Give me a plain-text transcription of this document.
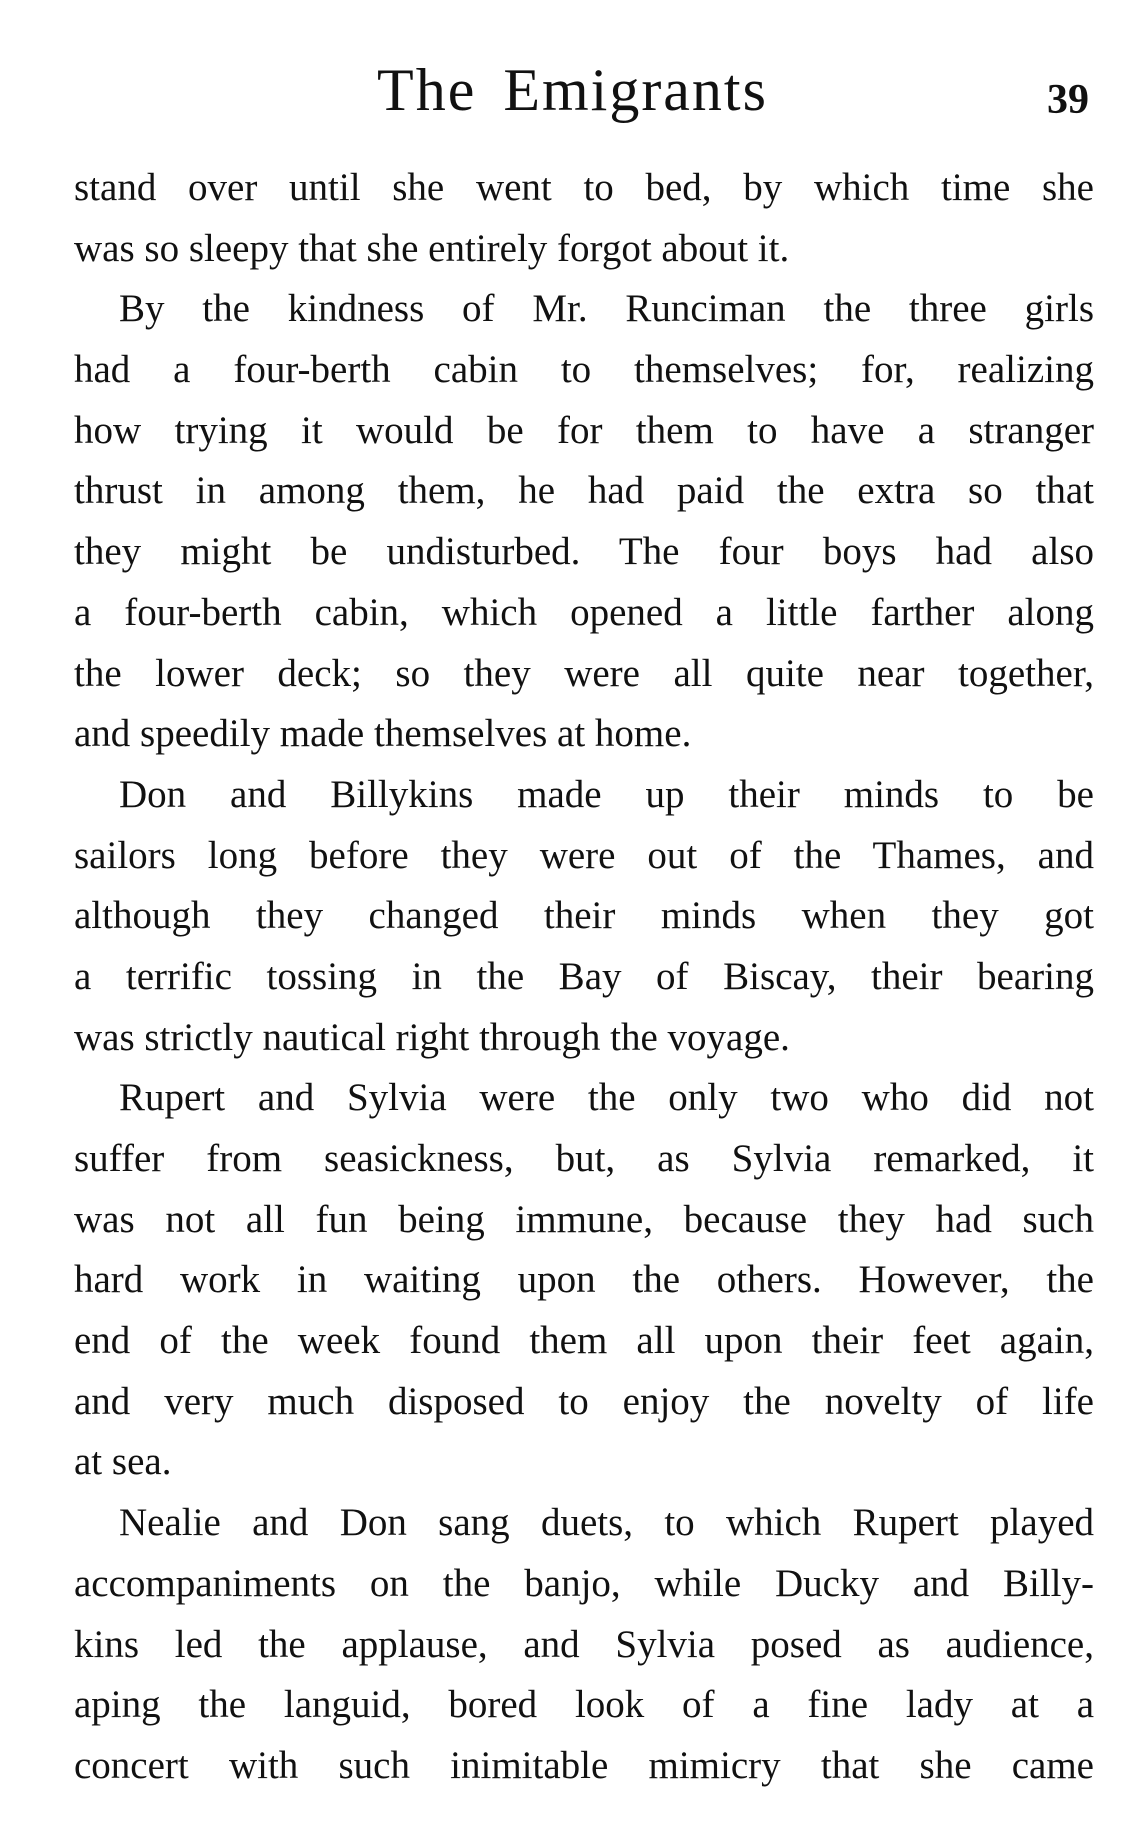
The Emigrants	39
stand over until she went to bed, by which time she
was so sleepy that she entirely forgot about it.
By the kindness of Mr. Runciman the three girls
had a four-berth cabin to themselves; for, realizing
how trying it would be for them to have a stranger
thrust in among them, he had paid the extra so that
they might be undisturbed. The four boys had also
a four-berth cabin, which opened a little farther along
the lower deck; so they were all quite near together,
and speedily made themselves at home.
Don and Billykins made up their minds to be
sailors long before they were out of the Thames, and
although they changed their minds when they got
a terrific tossing in the Bay of Biscay, their bearing
was strictly nautical right through the voyage.
Rupert and Sylvia were the only two who did not
suffer from seasickness, but, as Sylvia remarked, it
was not all fun being immune, because they had such
hard work in waiting upon the others. However, the
end of the week found them all upon their feet again,
and very much disposed to enjoy the novelty of life
at sea.
Nealie and Don sang duets, to which Rupert played
accompaniments on the banjo, while Ducky and Billy-
kins led the applause, and Sylvia posed as audience,
aping the languid, bored look of a fine lady at a
concert with such inimitable mimicry that she came
